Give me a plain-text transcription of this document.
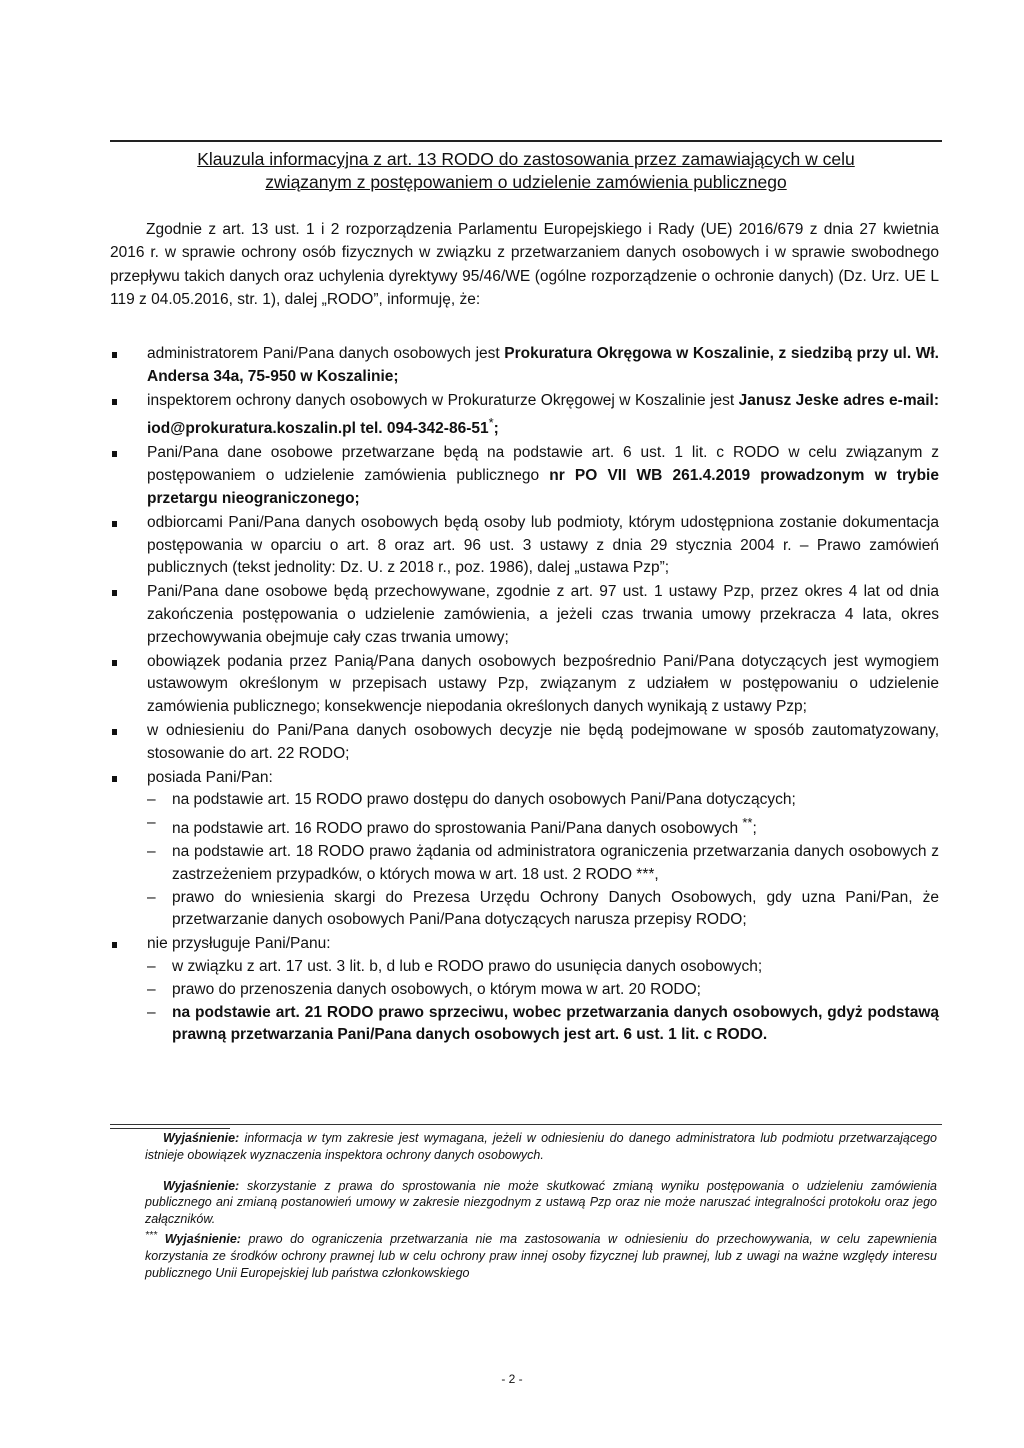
Klauzula informacyjna z art. 13 RODO do zastosowania przez zamawiających w celu
związanym z postępowaniem o udzielenie zamówienia publicznego
Zgodnie z art. 13 ust. 1 i 2 rozporządzenia Parlamentu Europejskiego i Rady (UE) 2016/679 z dnia 27 kwietnia 2016 r. w sprawie ochrony osób fizycznych w związku z przetwarzaniem danych osobowych i w sprawie swobodnego przepływu takich danych oraz uchylenia dyrektywy 95/46/WE (ogólne rozporządzenie o ochronie danych) (Dz. Urz. UE L 119 z 04.05.2016, str. 1), dalej „RODO”, informuję, że:
administratorem Pani/Pana danych osobowych jest Prokuratura Okręgowa w Koszalinie, z siedzibą przy ul. Wł. Andersa 34a, 75-950 w Koszalinie;
inspektorem ochrony danych osobowych w Prokuraturze Okręgowej w Koszalinie jest Janusz Jeske adres e-mail: iod@prokuratura.koszalin.pl tel. 094-342-86-51*;
Pani/Pana dane osobowe przetwarzane będą na podstawie art. 6 ust. 1 lit. c RODO w celu związanym z postępowaniem o udzielenie zamówienia publicznego nr PO VII WB 261.4.2019 prowadzonym w trybie przetargu nieograniczonego;
odbiorcami Pani/Pana danych osobowych będą osoby lub podmioty, którym udostępniona zostanie dokumentacja postępowania w oparciu o art. 8 oraz art. 96 ust. 3 ustawy z dnia 29 stycznia 2004 r. – Prawo zamówień publicznych (tekst jednolity: Dz. U. z 2018 r., poz. 1986), dalej „ustawa Pzp”;
Pani/Pana dane osobowe będą przechowywane, zgodnie z art. 97 ust. 1 ustawy Pzp, przez okres 4 lat od dnia zakończenia postępowania o udzielenie zamówienia, a jeżeli czas trwania umowy przekracza 4 lata, okres przechowywania obejmuje cały czas trwania umowy;
obowiązek podania przez Panią/Pana danych osobowych bezpośrednio Pani/Pana dotyczących jest wymogiem ustawowym określonym w przepisach ustawy Pzp, związanym z udziałem w postępowaniu o udzielenie zamówienia publicznego; konsekwencje niepodania określonych danych wynikają z ustawy Pzp;
w odniesieniu do Pani/Pana danych osobowych decyzje nie będą podejmowane w sposób zautomatyzowany, stosowanie do art. 22 RODO;
posiada Pani/Pan:
– na podstawie art. 15 RODO prawo dostępu do danych osobowych Pani/Pana dotyczących;
– na podstawie art. 16 RODO prawo do sprostowania Pani/Pana danych osobowych **;
– na podstawie art. 18 RODO prawo żądania od administratora ograniczenia przetwarzania danych osobowych z zastrzeżeniem przypadków, o których mowa w art. 18 ust. 2 RODO ***,
– prawo do wniesienia skargi do Prezesa Urzędu Ochrony Danych Osobowych, gdy uzna Pani/Pan, że przetwarzanie danych osobowych Pani/Pana dotyczących narusza przepisy RODO;
nie przysługuje Pani/Panu:
– w związku z art. 17 ust. 3 lit. b, d lub e RODO prawo do usunięcia danych osobowych;
– prawo do przenoszenia danych osobowych, o którym mowa w art. 20 RODO;
– na podstawie art. 21 RODO prawo sprzeciwu, wobec przetwarzania danych osobowych, gdyż podstawą prawną przetwarzania Pani/Pana danych osobowych jest art. 6 ust. 1 lit. c RODO.

Wyjaśnienie: informacja w tym zakresie jest wymagana, jeżeli w odniesieniu do danego administratora lub podmiotu przetwarzającego istnieje obowiązek wyznaczenia inspektora ochrony danych osobowych.

Wyjaśnienie: skorzystanie z prawa do sprostowania nie może skutkować zmianą wyniku postępowania o udzieleniu zamówienia publicznego ani zmianą postanowień umowy w zakresie niezgodnym z ustawą Pzp oraz nie może naruszać integralności protokołu oraz jego załączników.

*** Wyjaśnienie: prawo do ograniczenia przetwarzania nie ma zastosowania w odniesieniu do przechowywania, w celu zapewnienia korzystania ze środków ochrony prawnej lub w celu ochrony praw innej osoby fizycznej lub prawnej, lub z uwagi na ważne względy interesu publicznego Unii Europejskiej lub państwa członkowskiego

- 2 -
